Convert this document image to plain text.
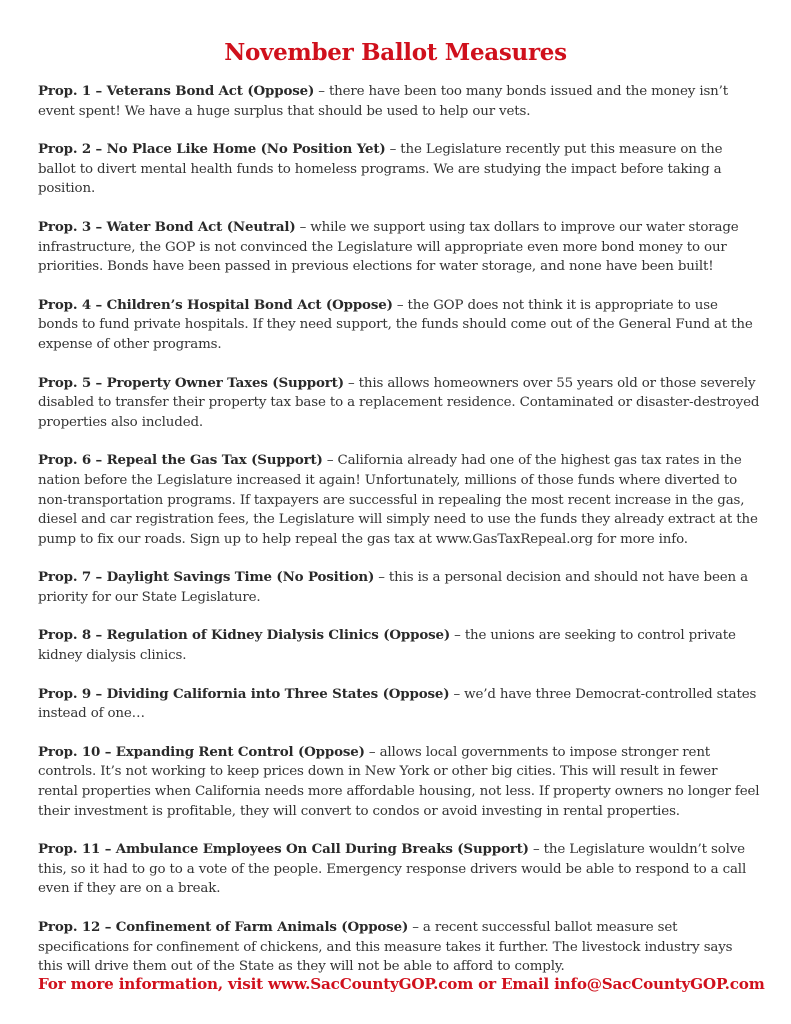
November Ballot Measures

Prop. 1 – Veterans Bond Act (Oppose) – there have been too many bonds issued and the money isn’t event spent! We have a huge surplus that should be used to help our vets.

Prop. 2 – No Place Like Home (No Position Yet) – the Legislature recently put this measure on the ballot to divert mental health funds to homeless programs. We are studying the impact before taking a position.

Prop. 3 – Water Bond Act (Neutral) – while we support using tax dollars to improve our water storage infrastructure, the GOP is not convinced the Legislature will appropriate even more bond money to our priorities. Bonds have been passed in previous elections for water storage, and none have been built!

Prop. 4 – Children’s Hospital Bond Act (Oppose) – the GOP does not think it is appropriate to use bonds to fund private hospitals. If they need support, the funds should come out of the General Fund at the expense of other programs.

Prop. 5 – Property Owner Taxes (Support) – this allows homeowners over 55 years old or those severely disabled to transfer their property tax base to a replacement residence. Contaminated or disaster-destroyed properties also included.

Prop. 6 – Repeal the Gas Tax (Support) – California already had one of the highest gas tax rates in the nation before the Legislature increased it again! Unfortunately, millions of those funds where diverted to non-transportation programs. If taxpayers are successful in repealing the most recent increase in the gas, diesel and car registration fees, the Legislature will simply need to use the funds they already extract at the pump to fix our roads. Sign up to help repeal the gas tax at www.GasTaxRepeal.org for more info.

Prop. 7 – Daylight Savings Time (No Position) – this is a personal decision and should not have been a priority for our State Legislature.

Prop. 8 – Regulation of Kidney Dialysis Clinics (Oppose) – the unions are seeking to control private kidney dialysis clinics.

Prop. 9 – Dividing California into Three States (Oppose) – we’d have three Democrat-controlled states instead of one…

Prop. 10 – Expanding Rent Control (Oppose) – allows local governments to impose stronger rent controls. It’s not working to keep prices down in New York or other big cities. This will result in fewer rental properties when California needs more affordable housing, not less. If property owners no longer feel their investment is profitable, they will convert to condos or avoid investing in rental properties.

Prop. 11 – Ambulance Employees On Call During Breaks (Support) – the Legislature wouldn’t solve this, so it had to go to a vote of the people. Emergency response drivers would be able to respond to a call even if they are on a break.

Prop. 12 – Confinement of Farm Animals (Oppose) – a recent successful ballot measure set specifications for confinement of chickens, and this measure takes it further. The livestock industry says this will drive them out of the State as they will not be able to afford to comply.

For more information, visit www.SacCountyGOP.com or Email info@SacCountyGOP.com
